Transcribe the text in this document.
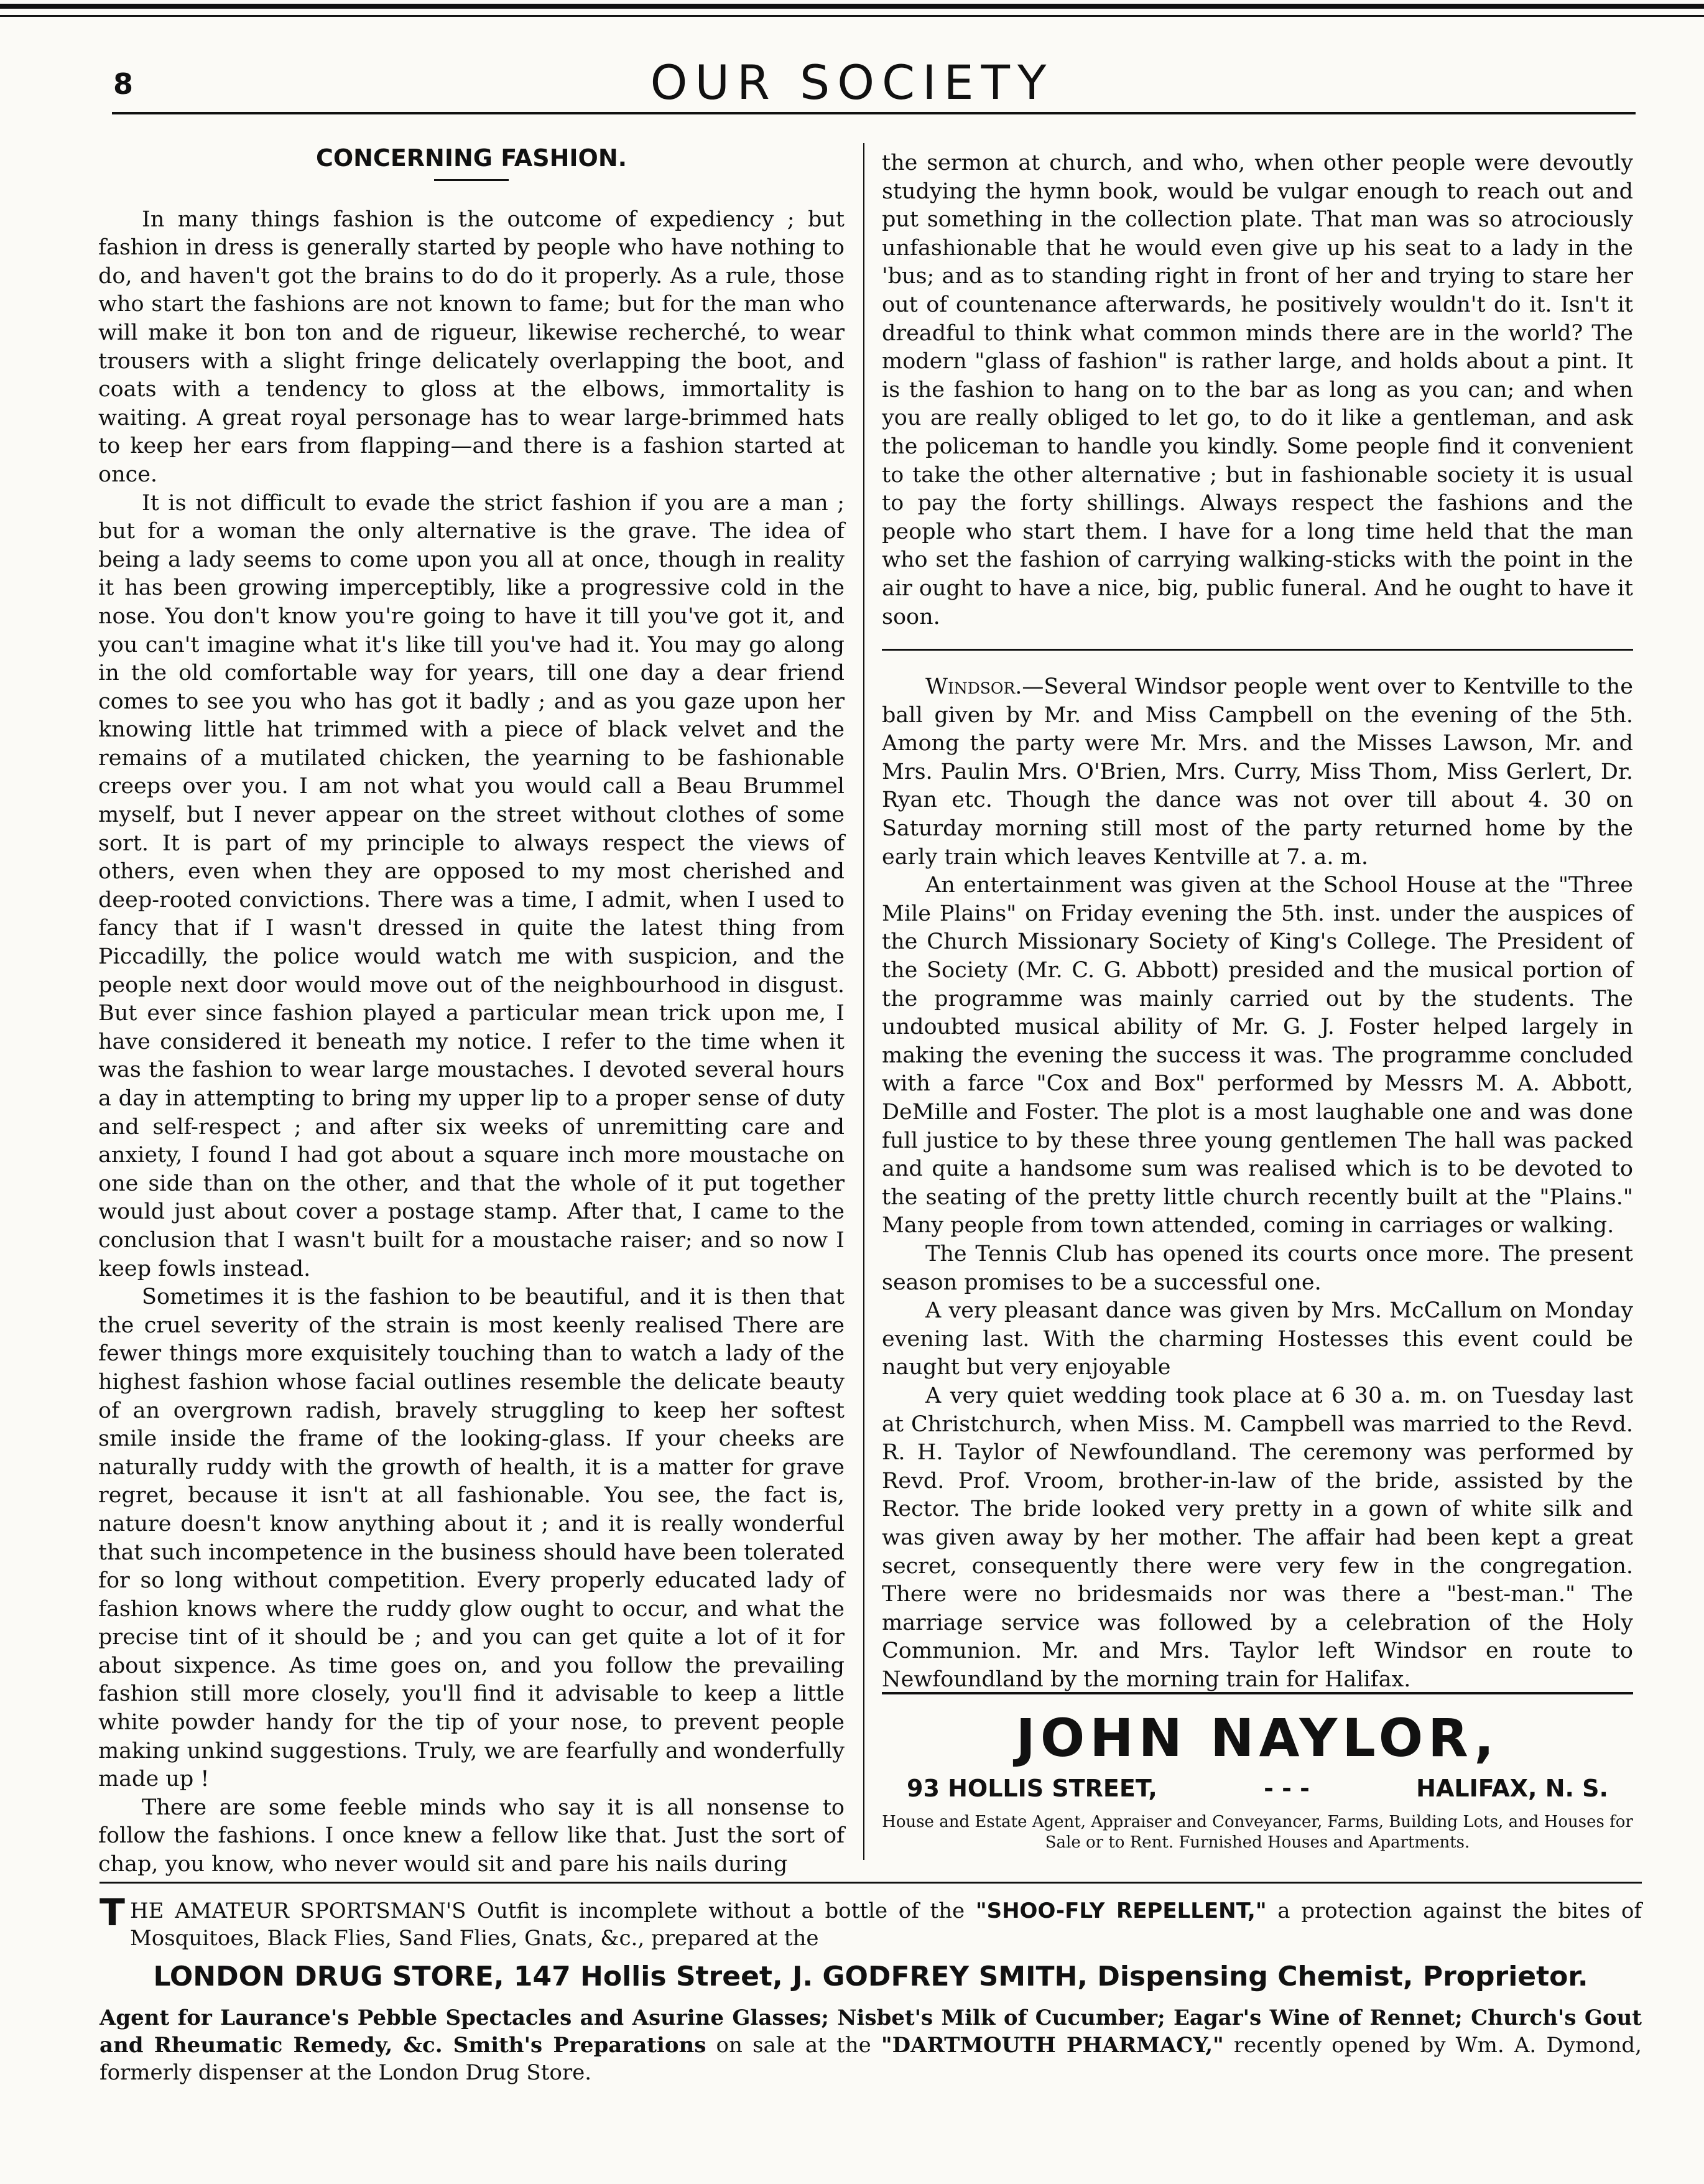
8	OUR SOCIETY
CONCERNING FASHION.

In many things fashion is the outcome of expediency ; but fashion in dress is generally started by people who have nothing to do, and haven't got the brains to do do it properly. As a rule, those who start the fashions are not known to fame; but for the man who will make it bon ton and de rigueur, likewise recherché, to wear trousers with a slight fringe delicately overlapping the boot, and coats with a tendency to gloss at the elbows, immortality is waiting. A great royal personage has to wear large-brimmed hats to keep her ears from flapping—and there is a fashion started at once.

It is not difficult to evade the strict fashion if you are a man ; but for a woman the only alternative is the grave. The idea of being a lady seems to come upon you all at once, though in reality it has been growing imperceptibly, like a progressive cold in the nose. You don't know you're going to have it till you've got it, and you can't imagine what it's like till you've had it. You may go along in the old comfortable way for years, till one day a dear friend comes to see you who has got it badly ; and as you gaze upon her knowing little hat trimmed with a piece of black velvet and the remains of a mutilated chicken, the yearning to be fashionable creeps over you. I am not what you would call a Beau Brummel myself, but I never appear on the street without clothes of some sort. It is part of my principle to always respect the views of others, even when they are opposed to my most cherished and deep-rooted convictions. There was a time, I admit, when I used to fancy that if I wasn't dressed in quite the latest thing from Piccadilly, the police would watch me with suspicion, and the people next door would move out of the neighbourhood in disgust. But ever since fashion played a particular mean trick upon me, I have considered it beneath my notice. I refer to the time when it was the fashion to wear large moustaches. I devoted several hours a day in attempting to bring my upper lip to a proper sense of duty and self-respect ; and after six weeks of unremitting care and anxiety, I found I had got about a square inch more moustache on one side than on the other, and that the whole of it put together would just about cover a postage stamp. After that, I came to the conclusion that I wasn't built for a moustache raiser; and so now I keep fowls instead.

Sometimes it is the fashion to be beautiful, and it is then that the cruel severity of the strain is most keenly realised There are fewer things more exquisitely touching than to watch a lady of the highest fashion whose facial outlines resemble the delicate beauty of an overgrown radish, bravely struggling to keep her softest smile inside the frame of the looking-glass. If your cheeks are naturally ruddy with the growth of health, it is a matter for grave regret, because it isn't at all fashionable. You see, the fact is, nature doesn't know anything about it ; and it is really wonderful that such incompetence in the business should have been tolerated for so long without competition. Every properly educated lady of fashion knows where the ruddy glow ought to occur, and what the precise tint of it should be ; and you can get quite a lot of it for about sixpence. As time goes on, and you follow the prevailing fashion still more closely, you'll find it advisable to keep a little white powder handy for the tip of your nose, to prevent people making unkind suggestions. Truly, we are fearfully and wonderfully made up !

There are some feeble minds who say it is all nonsense to follow the fashions. I once knew a fellow like that. Just the sort of chap, you know, who never would sit and pare his nails during

the sermon at church, and who, when other people were devoutly studying the hymn book, would be vulgar enough to reach out and put something in the collection plate. That man was so atrociously unfashionable that he would even give up his seat to a lady in the 'bus; and as to standing right in front of her and trying to stare her out of countenance afterwards, he positively wouldn't do it. Isn't it dreadful to think what common minds there are in the world? The modern "glass of fashion" is rather large, and holds about a pint. It is the fashion to hang on to the bar as long as you can; and when you are really obliged to let go, to do it like a gentleman, and ask the policeman to handle you kindly. Some people find it convenient to take the other alternative ; but in fashionable society it is usual to pay the forty shillings. Always respect the fashions and the people who start them. I have for a long time held that the man who set the fashion of carrying walking-sticks with the point in the air ought to have a nice, big, public funeral. And he ought to have it soon.

Windsor.—Several Windsor people went over to Kentville to the ball given by Mr. and Miss Campbell on the evening of the 5th. Among the party were Mr. Mrs. and the Misses Lawson, Mr. and Mrs. Paulin Mrs. O'Brien, Mrs. Curry, Miss Thom, Miss Gerlert, Dr. Ryan etc. Though the dance was not over till about 4. 30 on Saturday morning still most of the party returned home by the early train which leaves Kentville at 7. a. m.

An entertainment was given at the School House at the "Three Mile Plains" on Friday evening the 5th. inst. under the auspices of the Church Missionary Society of King's College. The President of the Society (Mr. C. G. Abbott) presided and the musical portion of the programme was mainly carried out by the students. The undoubted musical ability of Mr. G. J. Foster helped largely in making the evening the success it was. The programme concluded with a farce "Cox and Box" performed by Messrs M. A. Abbott, DeMille and Foster. The plot is a most laughable one and was done full justice to by these three young gentlemen The hall was packed and quite a handsome sum was realised which is to be devoted to the seating of the pretty little church recently built at the "Plains." Many people from town attended, coming in carriages or walking.

The Tennis Club has opened its courts once more. The present season promises to be a successful one.

A very pleasant dance was given by Mrs. McCallum on Monday evening last. With the charming Hostesses this event could be naught but very enjoyable

A very quiet wedding took place at 6 30 a. m. on Tuesday last at Christchurch, when Miss. M. Campbell was married to the Revd. R. H. Taylor of Newfoundland. The ceremony was performed by Revd. Prof. Vroom, brother-in-law of the bride, assisted by the Rector. The bride looked very pretty in a gown of white silk and was given away by her mother. The affair had been kept a great secret, consequently there were very few in the congregation. There were no bridesmaids nor was there a "best-man." The marriage service was followed by a celebration of the Holy Communion. Mr. and Mrs. Taylor left Windsor en route to Newfoundland by the morning train for Halifax.

JOHN NAYLOR,
93 HOLLIS STREET,	- - -	HALIFAX, N. S.
House and Estate Agent, Appraiser and Conveyancer, Farms, Building Lots, and Houses for Sale or to Rent. Furnished Houses and Apartments.
T HE AMATEUR SPORTSMAN'S Outfit is incomplete without a bottle of the "SHOO-FLY REPELLENT," a protection against the bites of Mosquitoes, Black Flies, Sand Flies, Gnats, &c., prepared at the
LONDON DRUG STORE, 147 Hollis Street, J. GODFREY SMITH, Dispensing Chemist, Proprietor.
Agent for Laurance's Pebble Spectacles and Asurine Glasses; Nisbet's Milk of Cucumber; Eagar's Wine of Rennet; Church's Gout and Rheumatic Remedy, &c. Smith's Preparations on sale at the "DARTMOUTH PHARMACY," recently opened by Wm. A. Dymond, formerly dispenser at the London Drug Store.
